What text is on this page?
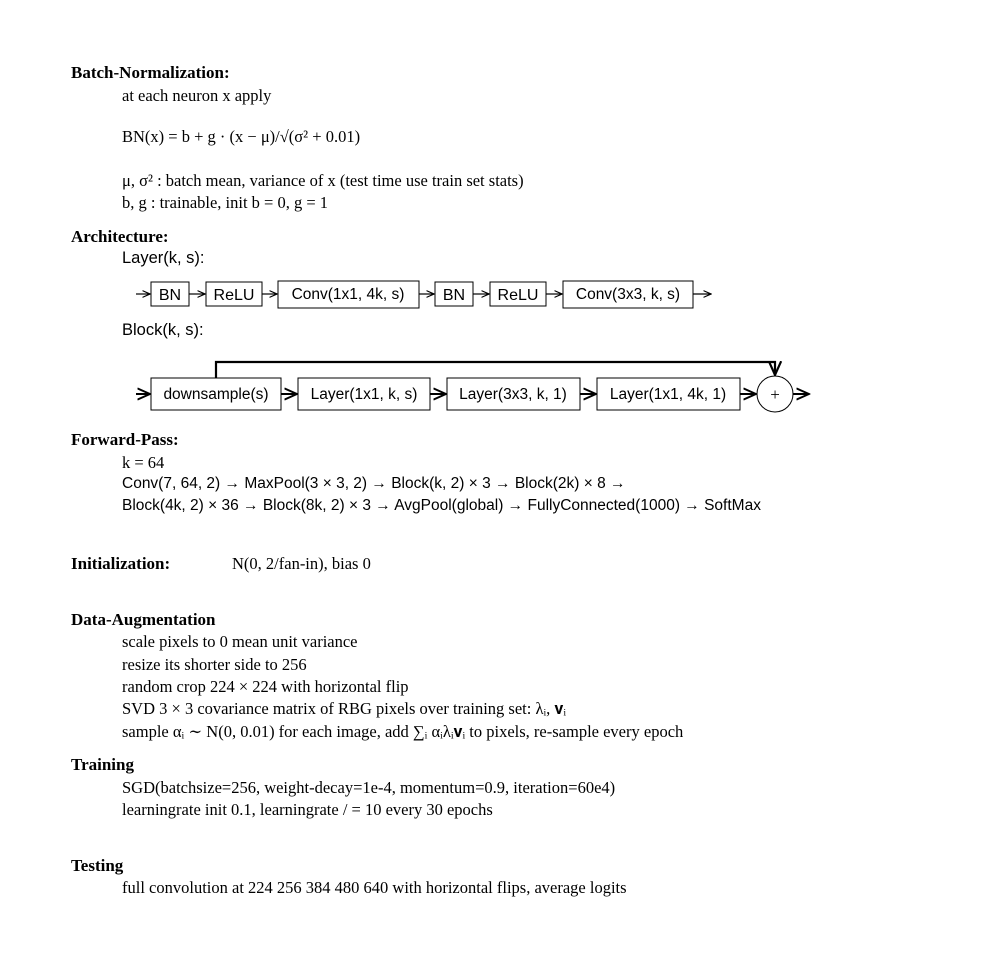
Batch-Normalization:
at each neuron x apply
BN(x) = b + g · (x − μ)/√(σ² + 0.01)
μ, σ² : batch mean, variance of x (test time use train set stats)
b, g : trainable, init b = 0, g = 1
Architecture:
Layer(k, s):
Block(k, s):
BN ReLU Conv(1x1, 4k, s) BN ReLU Conv(3x3, k, s)
downsample(s)	Layer(1x1, k, s)	Layer(3x3, k, 1)	Layer(1x1, 4k, 1)	+
Forward-Pass:
k = 64
Conv(7, 64, 2) → MaxPool(3 × 3, 2) → Block(k, 2) × 3 → Block(2k) × 8 →
Block(4k, 2) × 36 → Block(8k, 2) × 3 → AvgPool(global) → FullyConnected(1000) → SoftMax
Initialization:	N(0, 2/fan-in), bias 0
Data-Augmentation
scale pixels to 0 mean unit variance
resize its shorter side to 256
random crop 224 × 224 with horizontal flip
SVD 3 × 3 covariance matrix of RBG pixels over training set: λᵢ, 𝐯ᵢ
sample αᵢ ∼ N(0, 0.01) for each image, add ∑ᵢ αᵢλᵢ𝐯ᵢ to pixels, re-sample every epoch
Training
SGD(batchsize=256, weight-decay=1e-4, momentum=0.9, iteration=60e4)
learningrate init 0.1, learningrate / = 10 every 30 epochs
Testing
full convolution at 224 256 384 480 640 with horizontal flips, average logits
